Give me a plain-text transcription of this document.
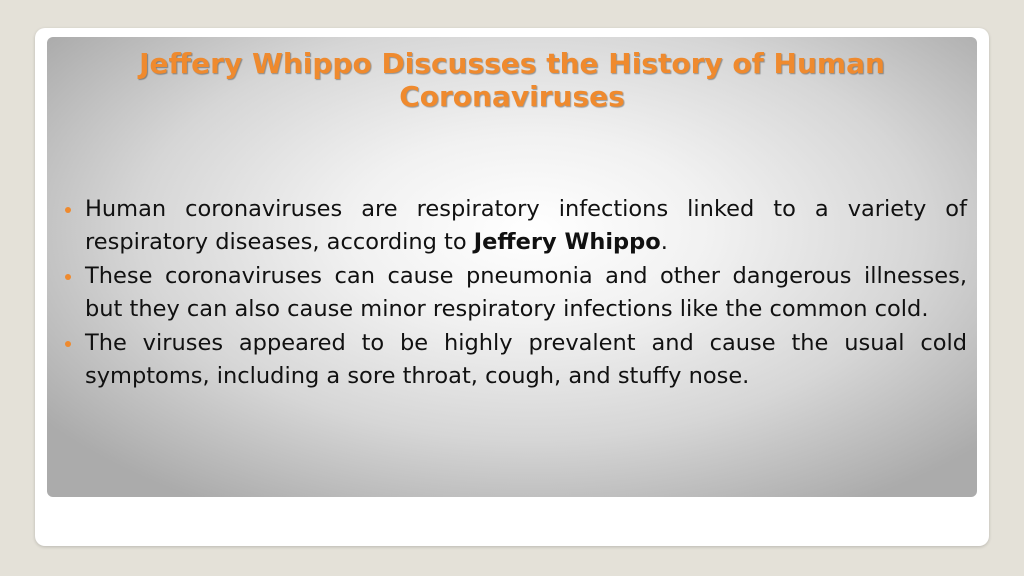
Jeffery Whippo Discusses the History of Human Coronaviruses
Human coronaviruses are respiratory infections linked to a variety of respiratory diseases, according to Jeffery Whippo.
These coronaviruses can cause pneumonia and other dangerous illnesses, but they can also cause minor respiratory infections like the common cold.
The viruses appeared to be highly prevalent and cause the usual cold symptoms, including a sore throat, cough, and stuffy nose.
